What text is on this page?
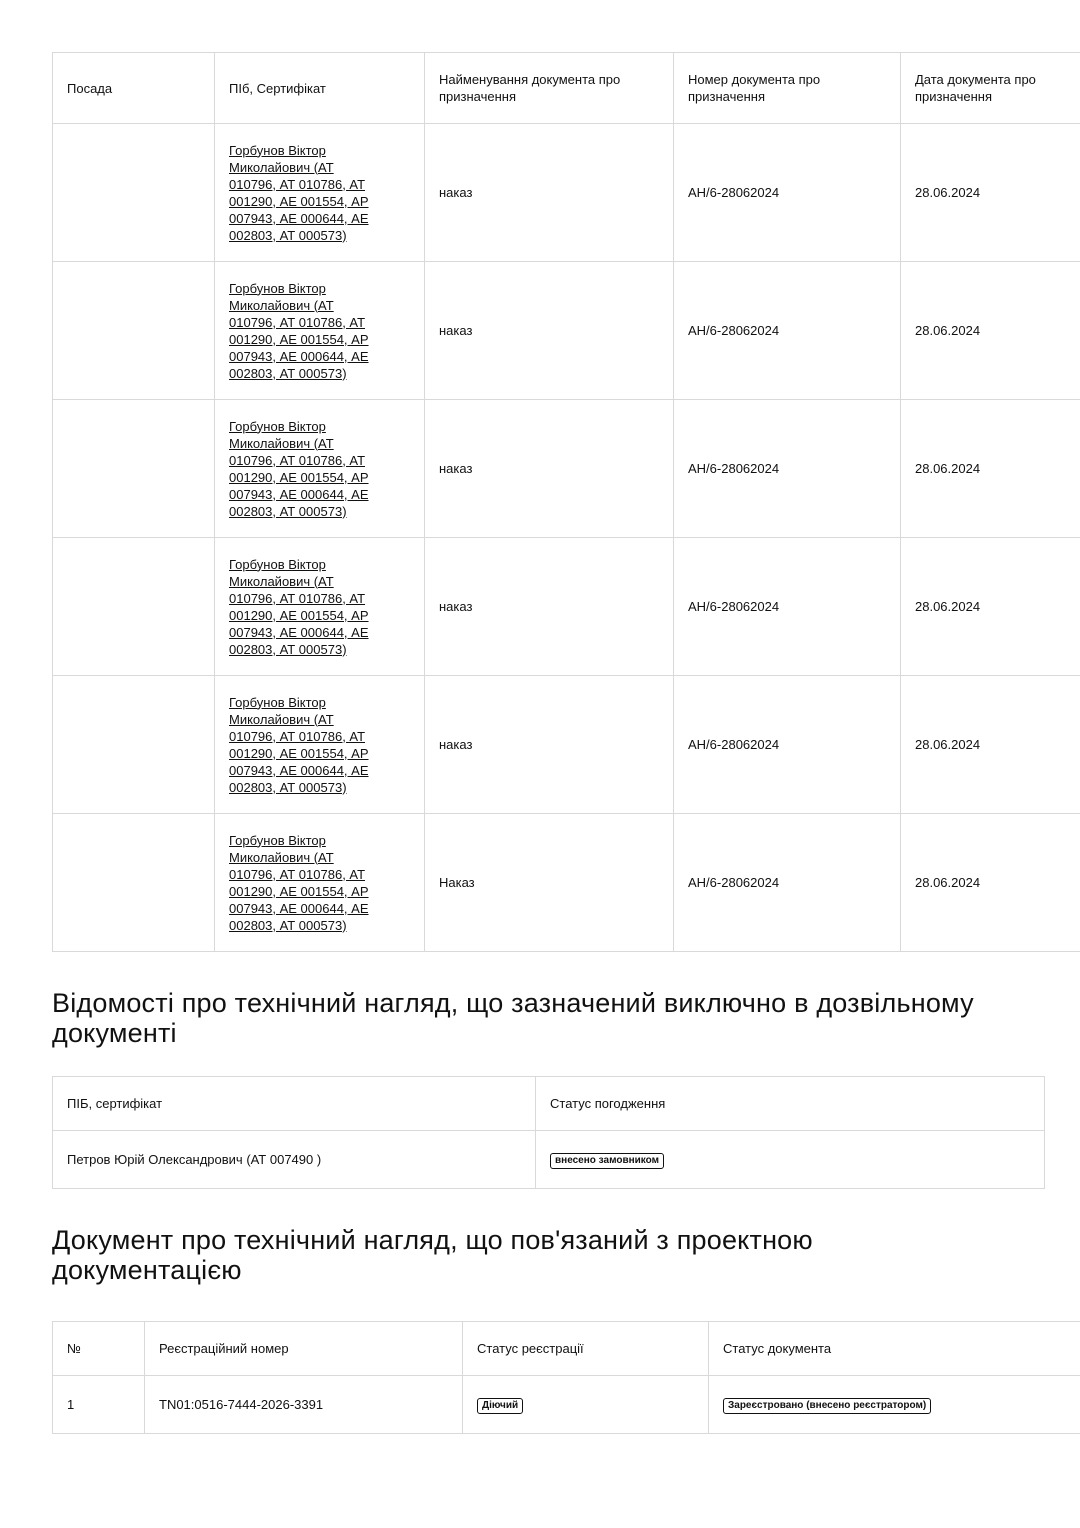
Посада	ПІб, Сертифікат	Найменування документа про призначення	Номер документа про призначення	Дата документа про призначення

	Горбунов Віктор Миколайович (АТ 010796, АТ 010786, АТ 001290, АЕ 001554, АР 007943, АЕ 000644, АЕ 002803, АТ 000573)	наказ	АН/6-28062024	28.06.2024

	Горбунов Віктор Миколайович (АТ 010796, АТ 010786, АТ 001290, АЕ 001554, АР 007943, АЕ 000644, АЕ 002803, АТ 000573)	наказ	АН/6-28062024	28.06.2024

	Горбунов Віктор Миколайович (АТ 010796, АТ 010786, АТ 001290, АЕ 001554, АР 007943, АЕ 000644, АЕ 002803, АТ 000573)	наказ	АН/6-28062024	28.06.2024

	Горбунов Віктор Миколайович (АТ 010796, АТ 010786, АТ 001290, АЕ 001554, АР 007943, АЕ 000644, АЕ 002803, АТ 000573)	наказ	АН/6-28062024	28.06.2024

	Горбунов Віктор Миколайович (АТ 010796, АТ 010786, АТ 001290, АЕ 001554, АР 007943, АЕ 000644, АЕ 002803, АТ 000573)	наказ	АН/6-28062024	28.06.2024

	Горбунов Віктор Миколайович (АТ 010796, АТ 010786, АТ 001290, АЕ 001554, АР 007943, АЕ 000644, АЕ 002803, АТ 000573)	Наказ	АН/6-28062024	28.06.2024
Відомості про технічний нагляд, що зазначений виключно в дозвільному документі
ПІБ, сертифікат	Статус погодження
Петров Юрій Олександрович (АТ 007490 )	внесено замовником
Документ про технічний нагляд, що пов'язаний з проектною документацією
№	Реєстраційний номер	Статус реєстрації	Статус документа
1	TN01:0516-7444-2026-3391	Діючий	Зареєстровано (внесено реєстратором)
